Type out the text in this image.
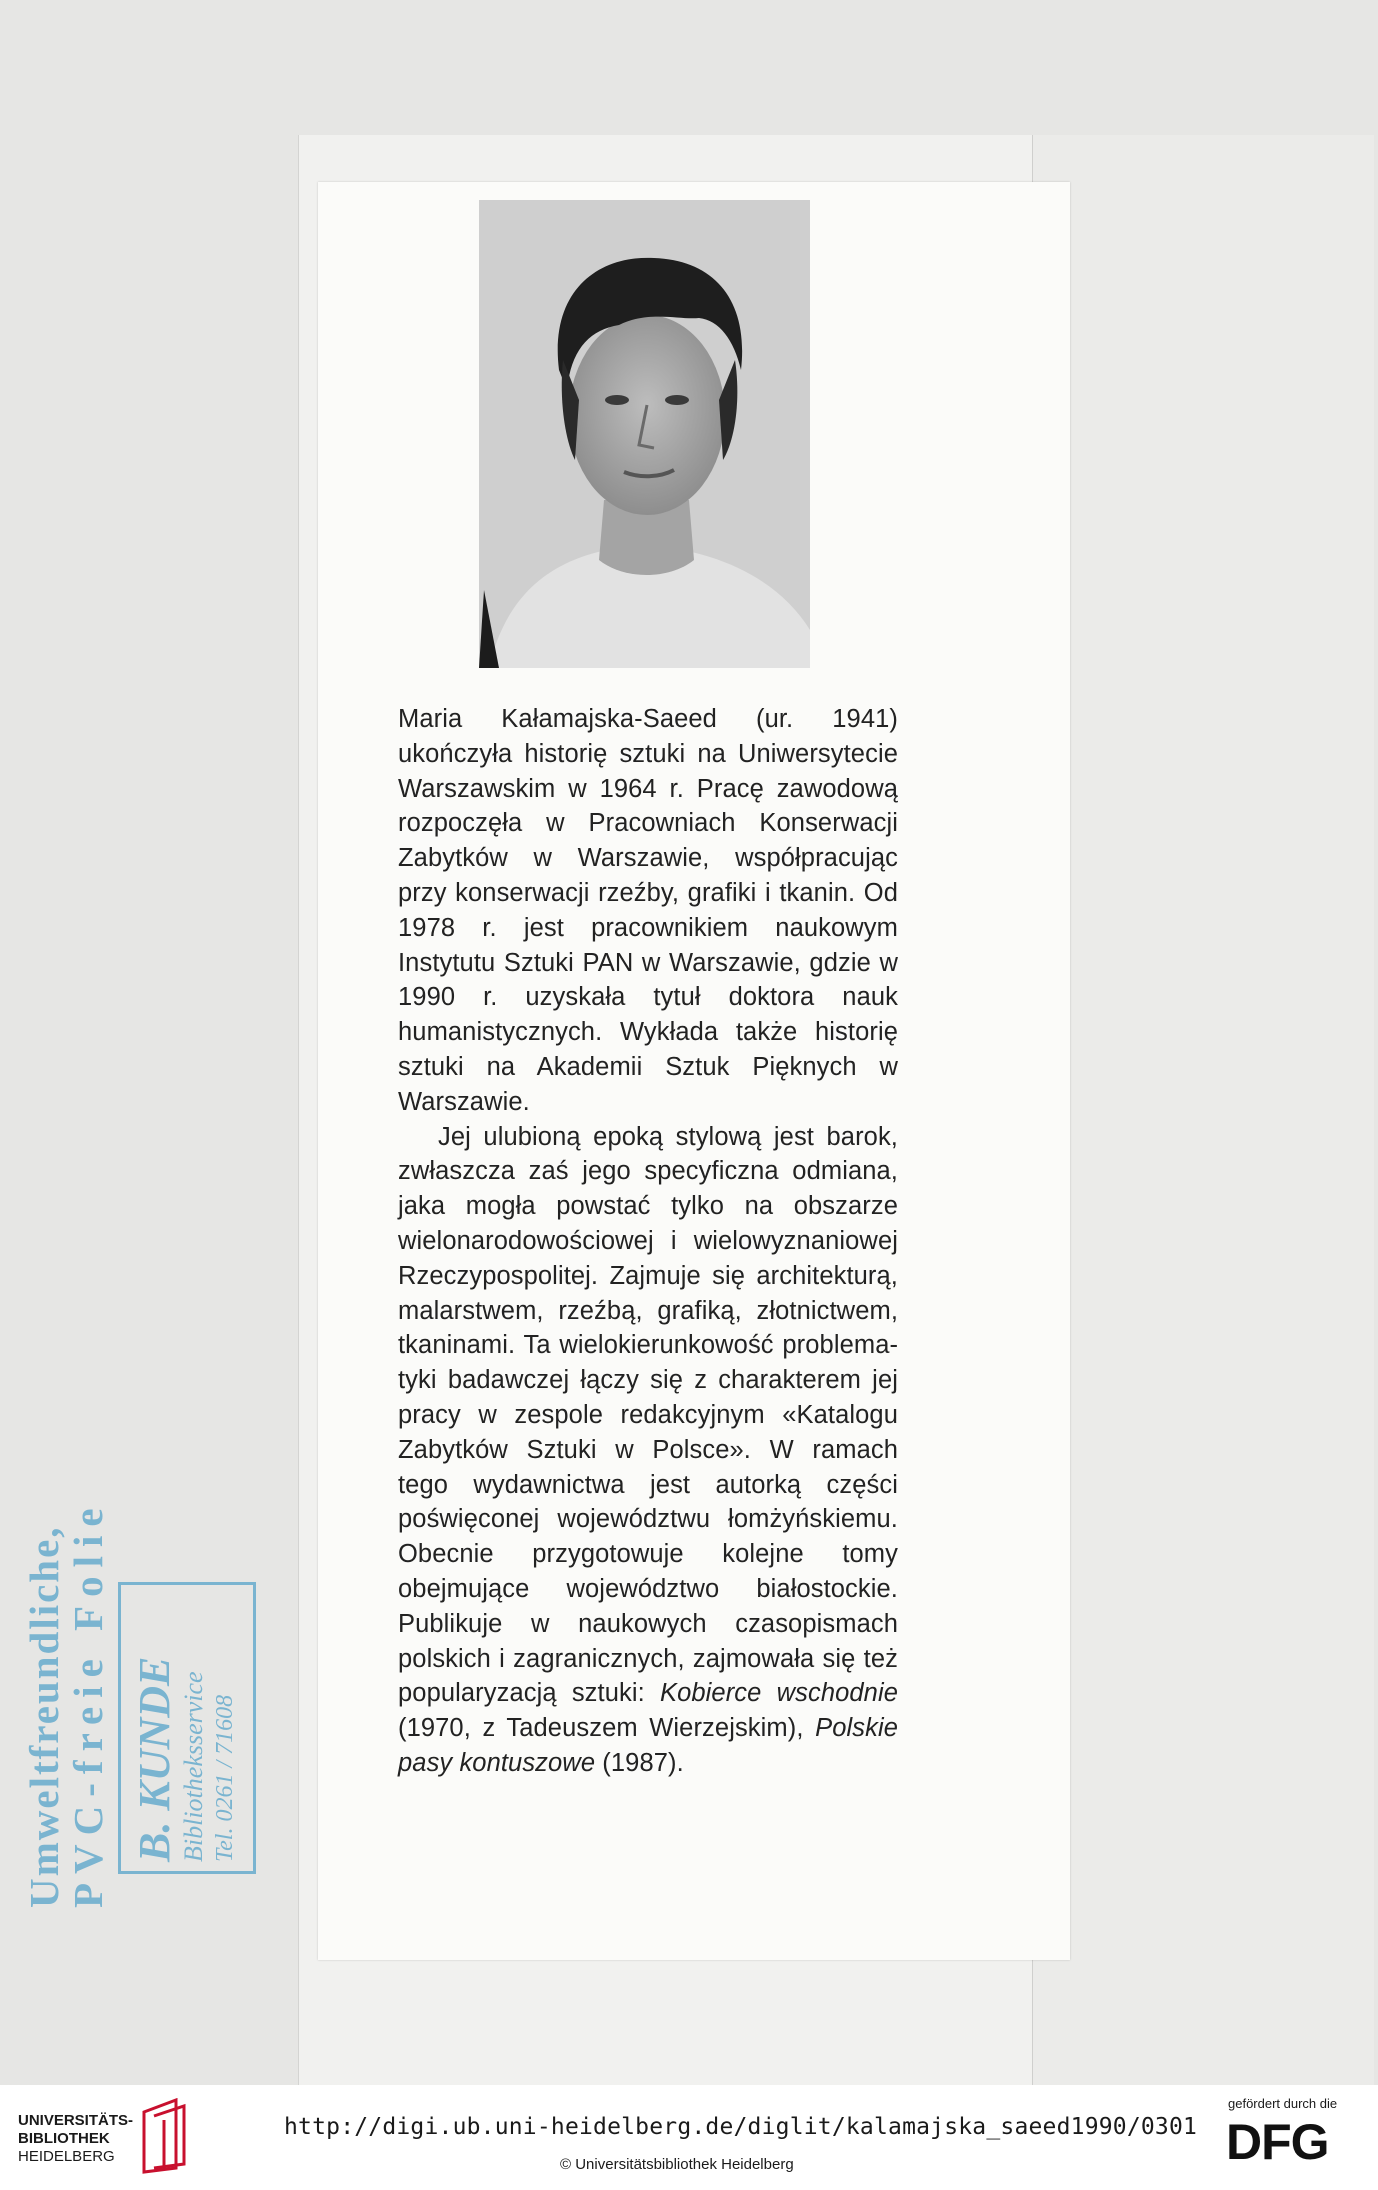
Maria Kałamajska-Saeed (ur. 1941) ukończyła historię sztuki na Uniwersytecie Warszawskim w 1964 r. Pracę zawodową rozpoczęła w Pracowniach Konserwacji Zabytków w Warszawie, współpracując przy konserwacji rzeźby, grafiki i tkanin. Od 1978 r. jest pracownikiem naukowym Instytutu Sztuki PAN w Warszawie, gdzie w 1990 r. uzyskała tytuł doktora nauk humanistycznych. Wykłada także historię sztuki na Akademii Sztuk Pięknych w Warszawie.

Jej ulubioną epoką stylową jest barok, zwłaszcza zaś jego specyficzna odmiana, jaka mogła powstać tylko na obszarze wielonarodowościowej i wielowyznaniowej Rzeczypospolitej. Zajmuje się architekturą, malarstwem, rzeźbą, grafiką, złotnictwem, tkaninami. Ta wielokierunkowość problematyki badawczej łączy się z charakterem jej pracy w zespole redakcyjnym «Katalogu Zabytków Sztuki w Polsce». W ramach tego wydawnictwa jest autorką części poświęconej województwu łomżyńskiemu. Obecnie przygotowuje kolejne tomy obejmujące województwo białostockie. Publikuje w naukowych czasopismach polskich i zagranicznych, zajmowała się też popularyzacją sztuki: Kobierce wschodnie (1970, z Tadeuszem Wierzejskim), Polskie pasy kontuszowe (1987).

Umweltfreundliche,
PVC-freie Folie B. KUNDE Bibliotheksservice Tel. 0261 / 71608
UNIVERSITÄTS-
BIBLIOTHEK
HEIDELBERG
http://digi.ub.uni-heidelberg.de/diglit/kalamajska_saeed1990/0301
© Universitätsbibliothek Heidelberg
gefördert durch die
DFG
